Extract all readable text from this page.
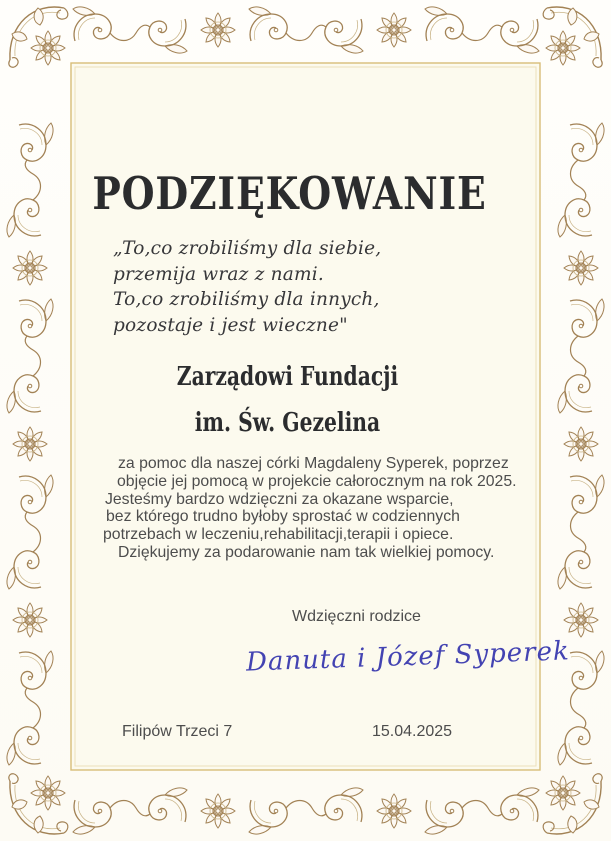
PODZIĘKOWANIE
„To,co zrobiliśmy dla siebie,
przemija wraz z nami.
To,co zrobiliśmy dla innych,
pozostaje i jest wieczne"
Zarządowi Fundacji
im. Św. Gezelina
za pomoc dla naszej córki Magdaleny Syperek, poprzez
objęcie jej pomocą w projekcie całorocznym na rok 2025.
Jesteśmy bardzo wdzięczni za okazane wsparcie,
bez którego trudno byłoby sprostać w codziennych
potrzebach w leczeniu,rehabilitacji,terapii i opiece.
Dziękujemy za podarowanie nam tak wielkiej pomocy.
Wdzięczni rodzice
Danuta i Józef Syperek
Filipów Trzeci 7	15.04.2025
